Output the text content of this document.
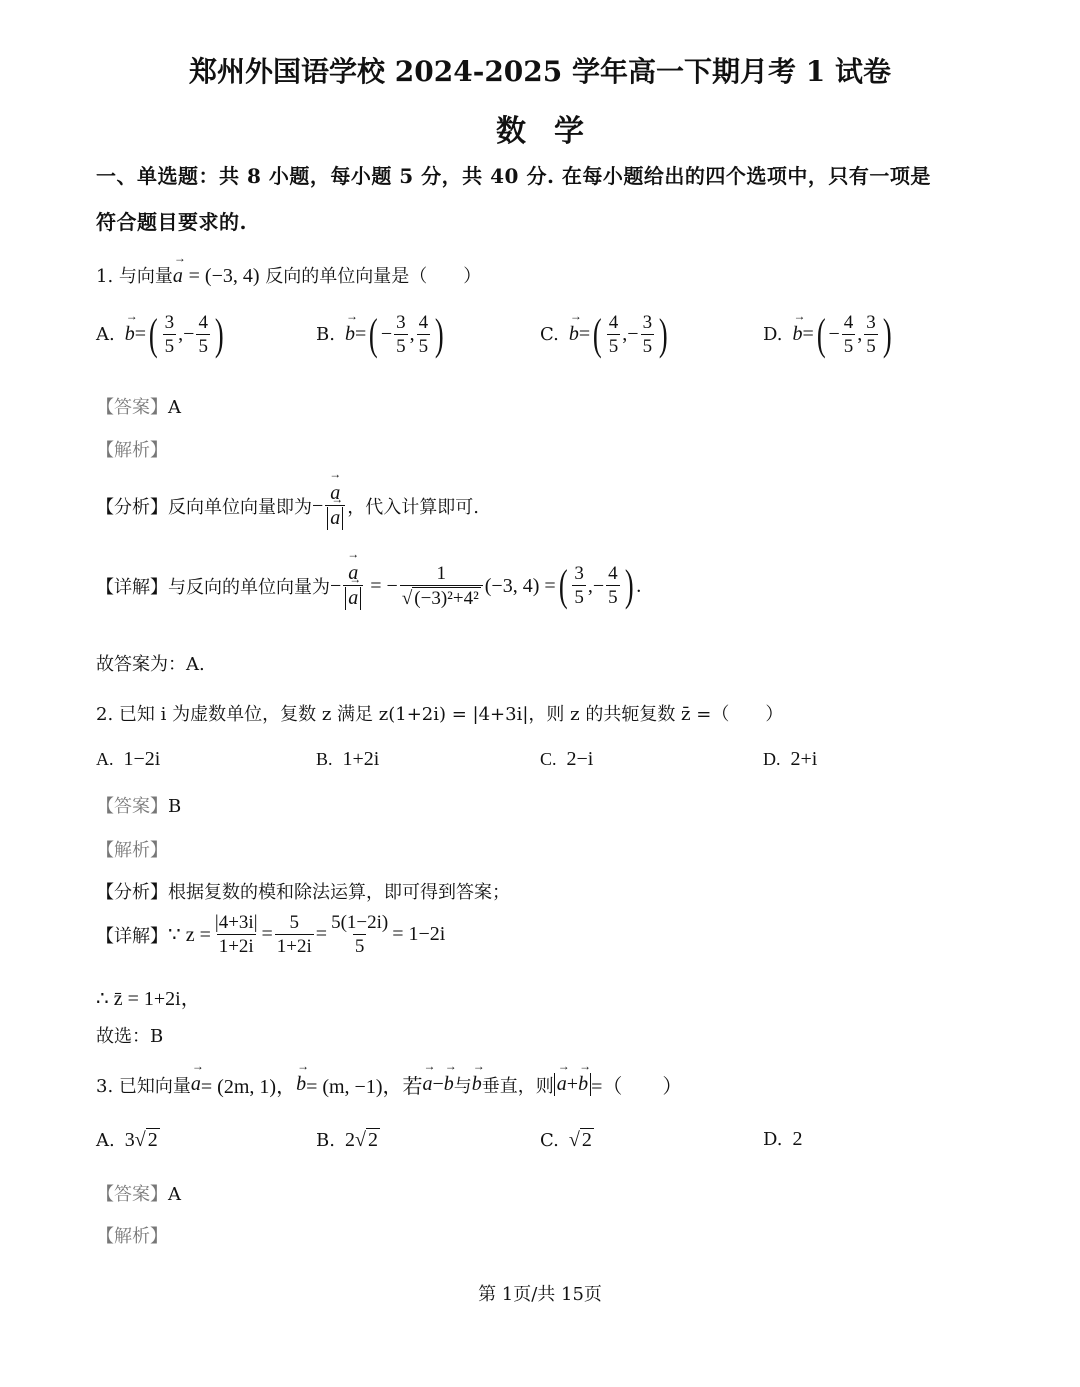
郑州外国语学校 2024-2025 学年高一下期月考 1 试卷
数学
一、单选题：共 8 小题，每小题 5 分，共 40 分. 在每小题给出的四个选项中，只有一项是
符合题目要求的.
1. 与向量→ a = (−3, 4) 反向的单位向量是（　　）
A. → b = ( $\frac{3}{5}$ ,− $\frac{4}{5}$ )	B. → b = ( − $\frac{3}{5}$ , $\frac{4}{5}$ )	C. → b = ( $\frac{4}{5}$ ,− $\frac{3}{5}$ )	D. → b = ( − $\frac{4}{5}$ , $\frac{3}{5}$ )
【答案】A
【解析】
【分析】 反向单位向量即为 − → a
→ a ，代入计算即可.
【详解】 与反向的单位向量为 − → a
→ a = − $\frac{1}{\text{√ (−3)²+4²}} (-3$, 4) = ( $\frac{3}{5}$ ,− $\frac{4}{5}$ ) .
故答案为：A.
2. 已知 i 为虚数单位，复数 z 满足 z(1+2i) = |4+3i|，则 z 的共轭复数 z̄ =（　　）
A. 1−2i	B. 1+2i	C. 2−i	D. 2+i
【答案】B
【解析】
【分析】根据复数的模和除法运算，即可得到答案；
【详解】 ∵ $z = \frac{|4+3i|}{1+2i} = \frac{5}{1+2i} = \frac{5(1-2i)}{5} = 1-2i$
∴ z̄ = 1+2i，
故选：B
3. 已知向量 → a = (2m, 1)， → b = (m, −1)，若 → a − → b 与 → b 垂直，则 → a+→ b =（　　）
A. 3√ 2	B. 2√ 2	C. √ 2	D. 2
【答案】A
【解析】
第 1页/共 15页
